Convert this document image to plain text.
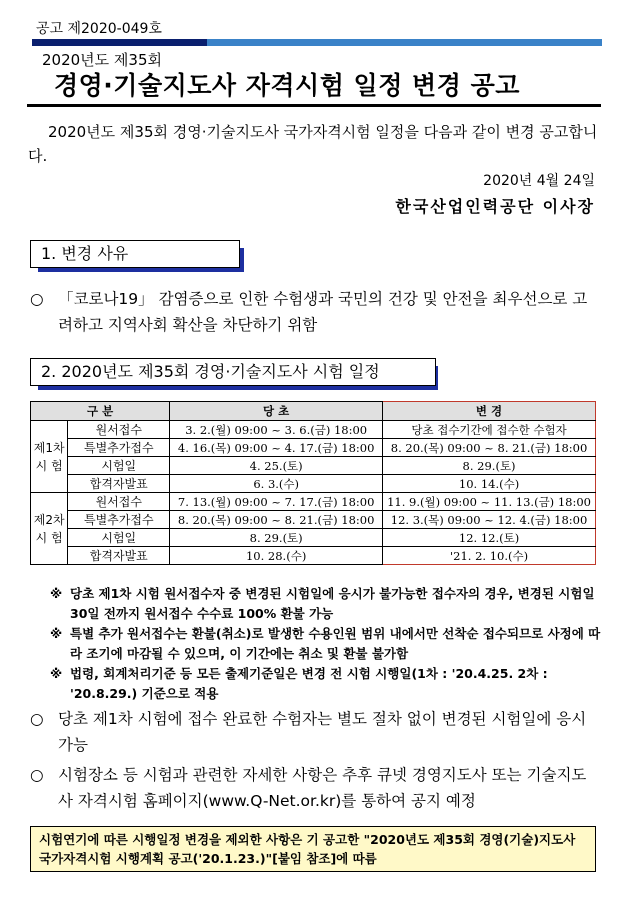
공고 제2020-049호
2020년도 제35회
경영·기술지도사 자격시험 일정 변경 공고
2020년도 제35회 경영·기술지도사 국가자격시험 일정을 다음과 같이 변경 공고합니다.
2020년 4월 24일
한국산업인력공단 이사장
1. 변경 사유
○ 「코로나19」 감염증으로 인한 수험생과 국민의 건강 및 안전을 최우선으로 고려하고 지역사회 확산을 차단하기 위함
2. 2020년도 제35회 경영·기술지도사 시험 일정
구 분		당 초	변 경
제1차
시 험	원서접수	3. 2.(월) 09:00 ~ 3. 6.(금) 18:00	당초 접수기간에 접수한 수험자
	특별추가접수	4. 16.(목) 09:00 ~ 4. 17.(금) 18:00	8. 20.(목) 09:00 ~ 8. 21.(금) 18:00
	시험일	4. 25.(토)	8. 29.(토)
	합격자발표	6. 3.(수)	10. 14.(수)
제2차
시 험	원서접수	7. 13.(월) 09:00 ~ 7. 17.(금) 18:00	11. 9.(월) 09:00 ~ 11. 13.(금) 18:00
	특별추가접수	8. 20.(목) 09:00 ~ 8. 21.(금) 18:00	12. 3.(목) 09:00 ~ 12. 4.(금) 18:00
	시험일	8. 29.(토)	12. 12.(토)
	합격자발표	10. 28.(수)	'21. 2. 10.(수)
※ 당초 제1차 시험 원서접수자 중 변경된 시험일에 응시가 불가능한 접수자의 경우, 변경된 시험일 30일 전까지 원서접수 수수료 100% 환불 가능
※ 특별 추가 원서접수는 환불(취소)로 발생한 수용인원 범위 내에서만 선착순 접수되므로 사정에 따라 조기에 마감될 수 있으며, 이 기간에는 취소 및 환불 불가함
※ 법령, 회계처리기준 등 모든 출제기준일은 변경 전 시험 시행일(1차 : '20.4.25. 2차 : '20.8.29.) 기준으로 적용
○ 당초 제1차 시험에 접수 완료한 수험자는 별도 절차 없이 변경된 시험일에 응시 가능
○ 시험장소 등 시험과 관련한 자세한 사항은 추후 큐넷 경영지도사 또는 기술지도사 자격시험 홈페이지(www.Q-Net.or.kr)를 통하여 공지 예정
시험연기에 따른 시행일정 변경을 제외한 사항은 기 공고한 "2020년도 제35회 경영(기술)지도사 국가자격시험 시행계획 공고('20.1.23.)"[붙임 참조]에 따름
